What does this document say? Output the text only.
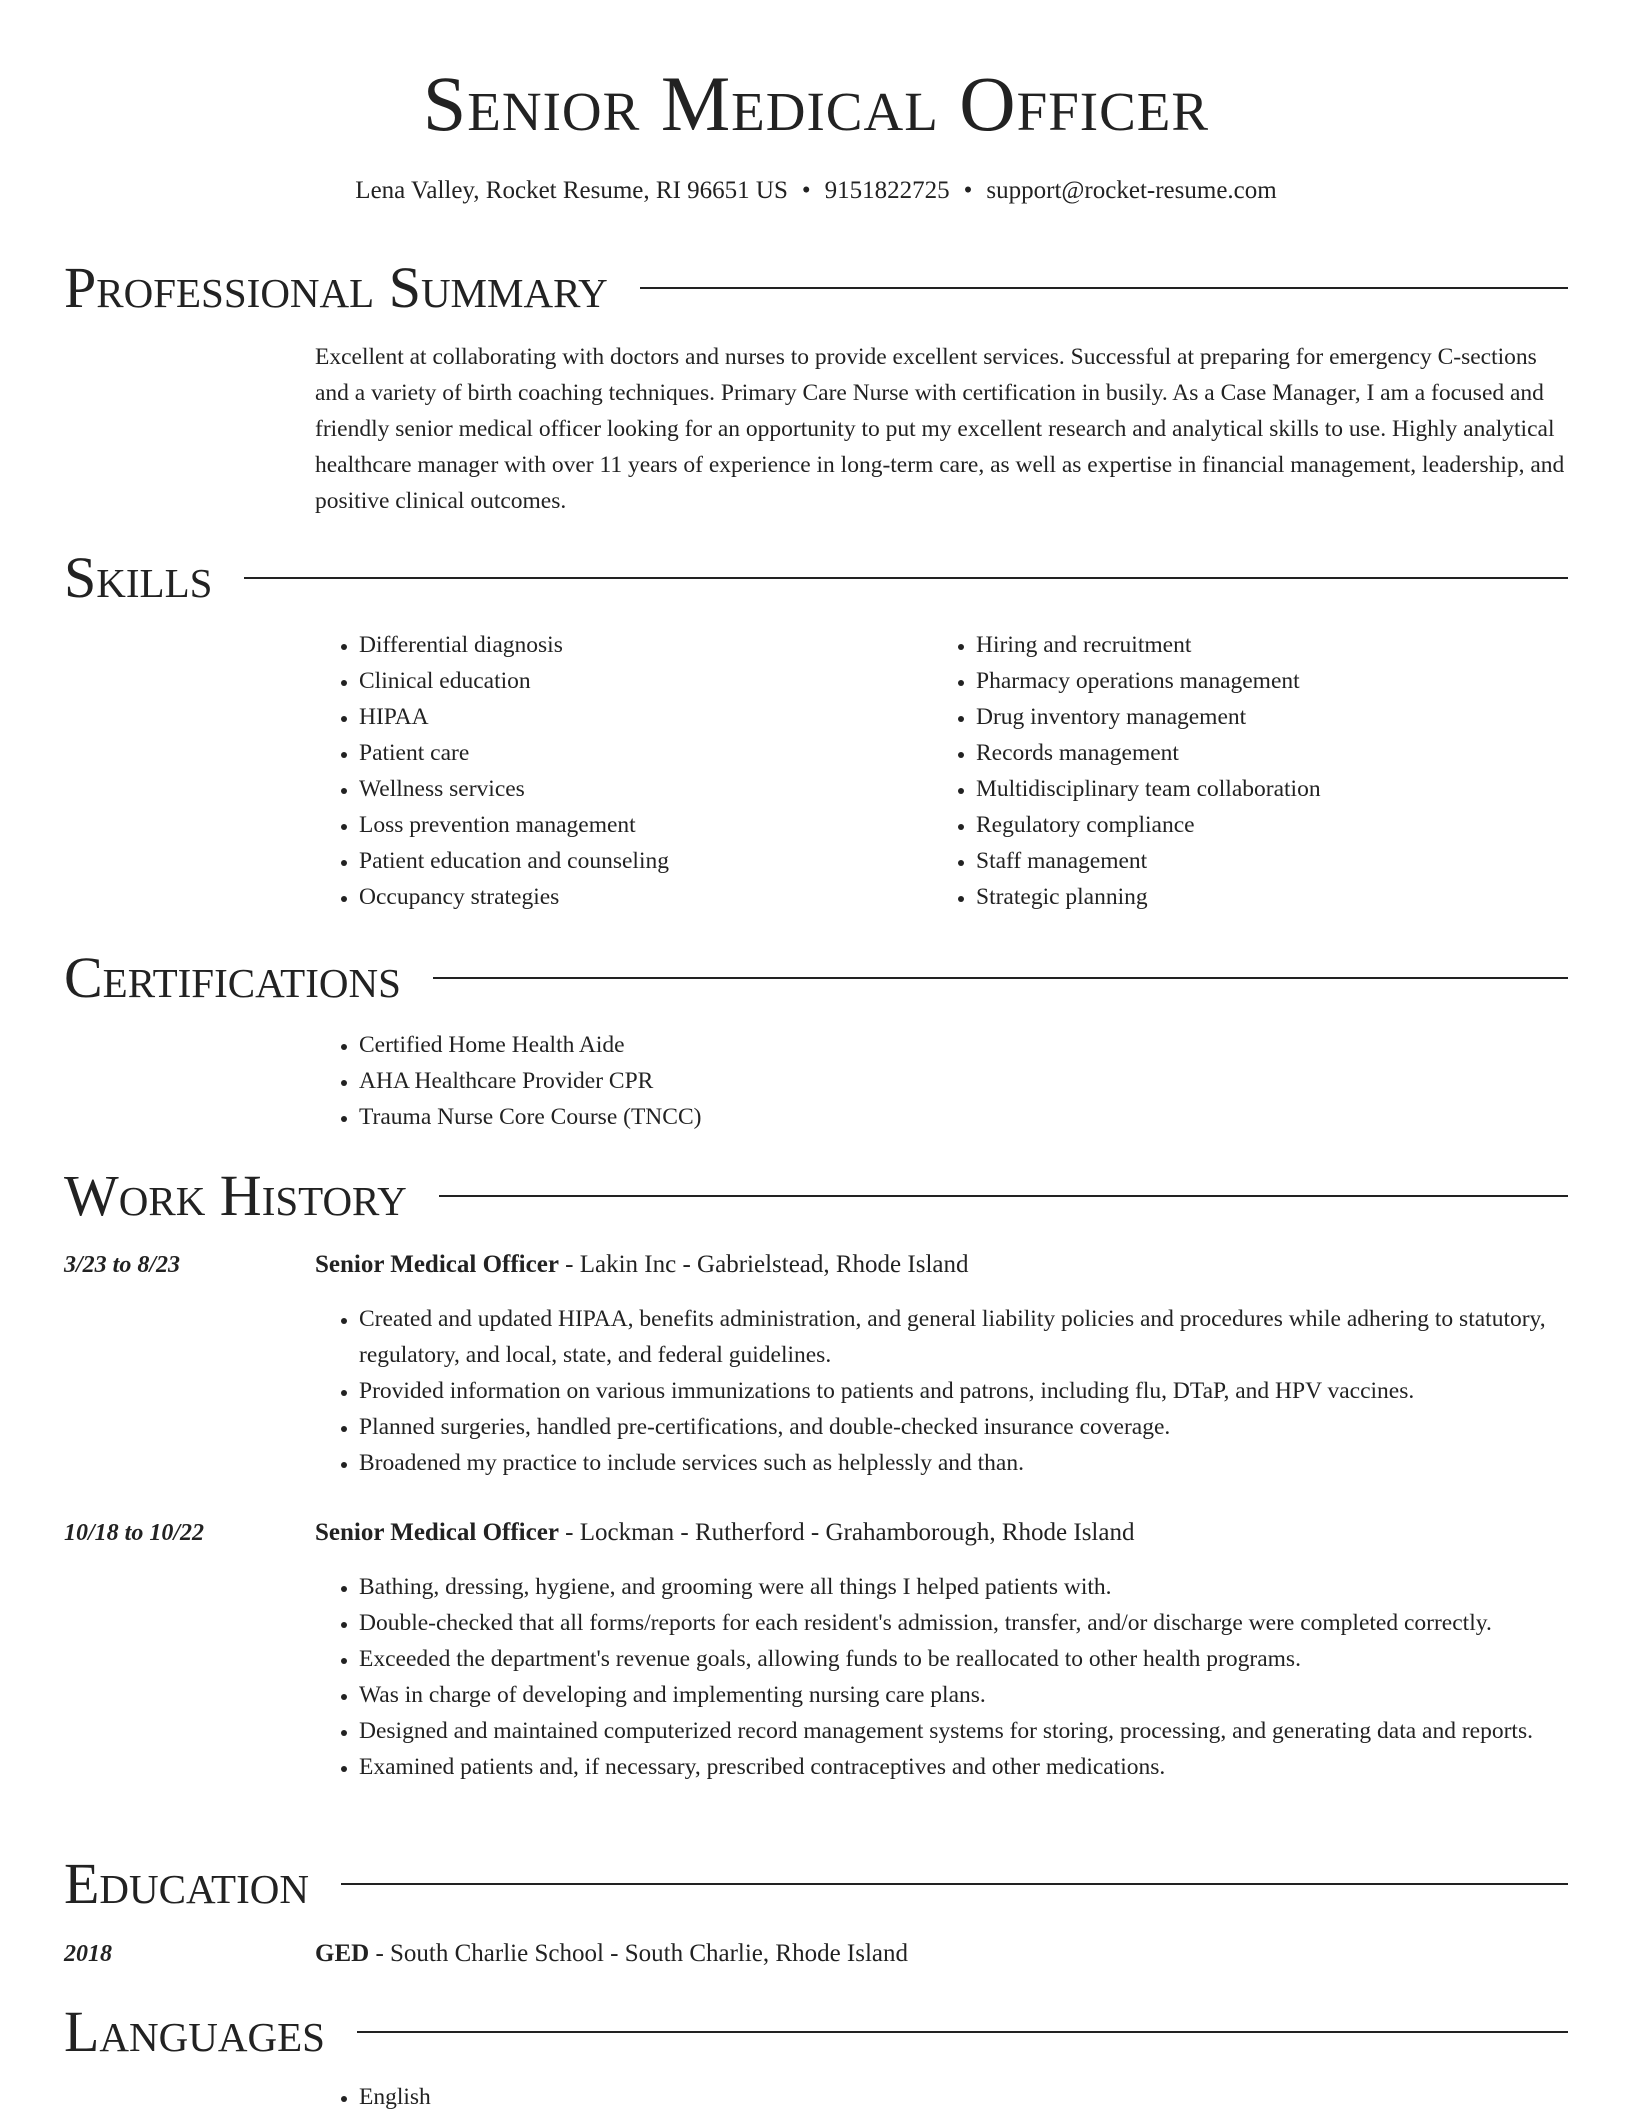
Senior Medical Officer
Lena Valley, Rocket Resume, RI 96651 US • 9151822725 • support@rocket-resume.com
Professional Summary
Excellent at collaborating with doctors and nurses to provide excellent services. Successful at preparing for emergency C-sections and a variety of birth coaching techniques. Primary Care Nurse with certification in busily. As a Case Manager, I am a focused and friendly senior medical officer looking for an opportunity to put my excellent research and analytical skills to use. Highly analytical healthcare manager with over 11 years of experience in long-term care, as well as expertise in financial management, leadership, and positive clinical outcomes.
Skills
• Differential diagnosis
• Clinical education
• HIPAA
• Patient care
• Wellness services
• Loss prevention management
• Patient education and counseling
• Occupancy strategies
• Hiring and recruitment
• Pharmacy operations management
• Drug inventory management
• Records management
• Multidisciplinary team collaboration
• Regulatory compliance
• Staff management
• Strategic planning
Certifications
• Certified Home Health Aide
• AHA Healthcare Provider CPR
• Trauma Nurse Core Course (TNCC)
Work History
3/23 to 8/23	Senior Medical Officer - Lakin Inc - Gabrielstead, Rhode Island
• Created and updated HIPAA, benefits administration, and general liability policies and procedures while adhering to statutory, regulatory, and local, state, and federal guidelines.
• Provided information on various immunizations to patients and patrons, including flu, DTaP, and HPV vaccines.
• Planned surgeries, handled pre-certifications, and double-checked insurance coverage.
• Broadened my practice to include services such as helplessly and than.
10/18 to 10/22	Senior Medical Officer - Lockman - Rutherford - Grahamborough, Rhode Island
• Bathing, dressing, hygiene, and grooming were all things I helped patients with.
• Double-checked that all forms/reports for each resident's admission, transfer, and/or discharge were completed correctly.
• Exceeded the department's revenue goals, allowing funds to be reallocated to other health programs.
• Was in charge of developing and implementing nursing care plans.
• Designed and maintained computerized record management systems for storing, processing, and generating data and reports.
• Examined patients and, if necessary, prescribed contraceptives and other medications.
Education
2018	GED - South Charlie School - South Charlie, Rhode Island
Languages
• English
